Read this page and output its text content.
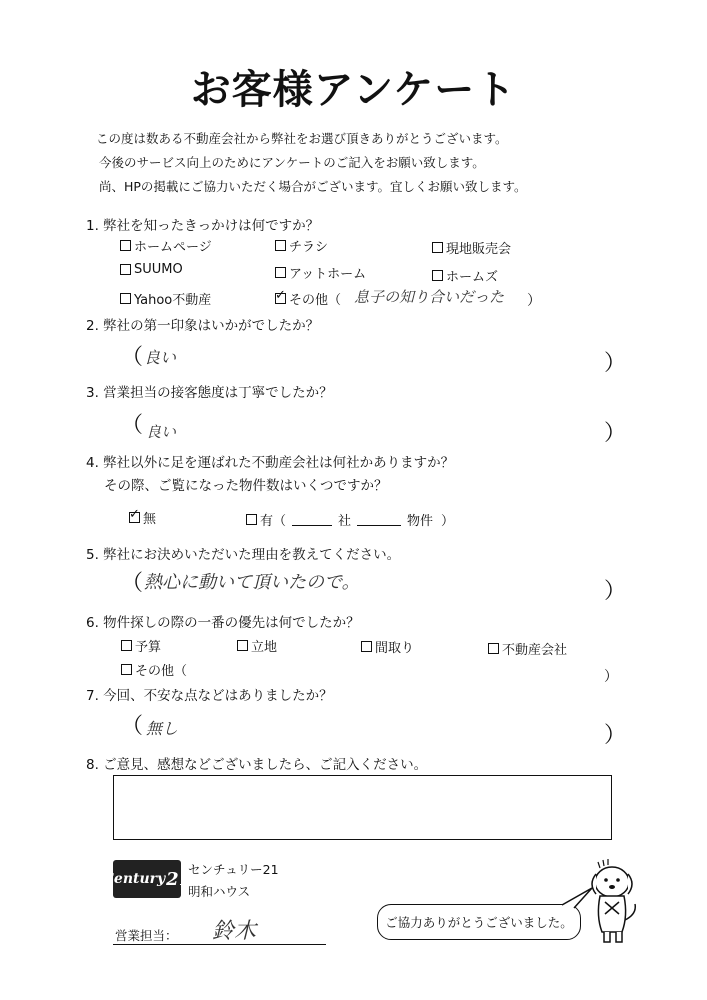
お客様アンケート
この度は数ある不動産会社から弊社をお選び頂きありがとうございます。
今後のサービス向上のためにアンケートのご記入をお願い致します。
尚、HPの掲載にご協力いただく場合がございます。宜しくお願い致します。
1. 弊社を知ったきっかけは何ですか？
ホームページ	チラシ	現地販売会
SUUMO	アットホーム	ホームズ
Yahoo不動産
✓	その他（ 息子の知り合いだった ）
2. 弊社の第一印象はいかがでしたか？
（ 良い	）
3. 営業担当の接客態度は丁寧でしたか？
（ 良い	）
4. 弊社以外に足を運ばれた不動産会社は何社かありますか？
その際、ご覧になった物件数はいくつですか？
✓
無	有（	社	物件 ）
5. 弊社にお決めいただいた理由を教えてください。
（ 熱心に動いて頂いたので。	）
6. 物件探しの際の一番の優先は何でしたか？
予算	立地	間取り	不動産会社
その他（	）
7. 今回、不安な点などはありましたか？
（ 無し	）
8. ご意見、感想などございましたら、ご記入ください。
Century 21
センチュリー21
明和ハウス
営業担当： 鈴木	ご協力ありがとうございました。
